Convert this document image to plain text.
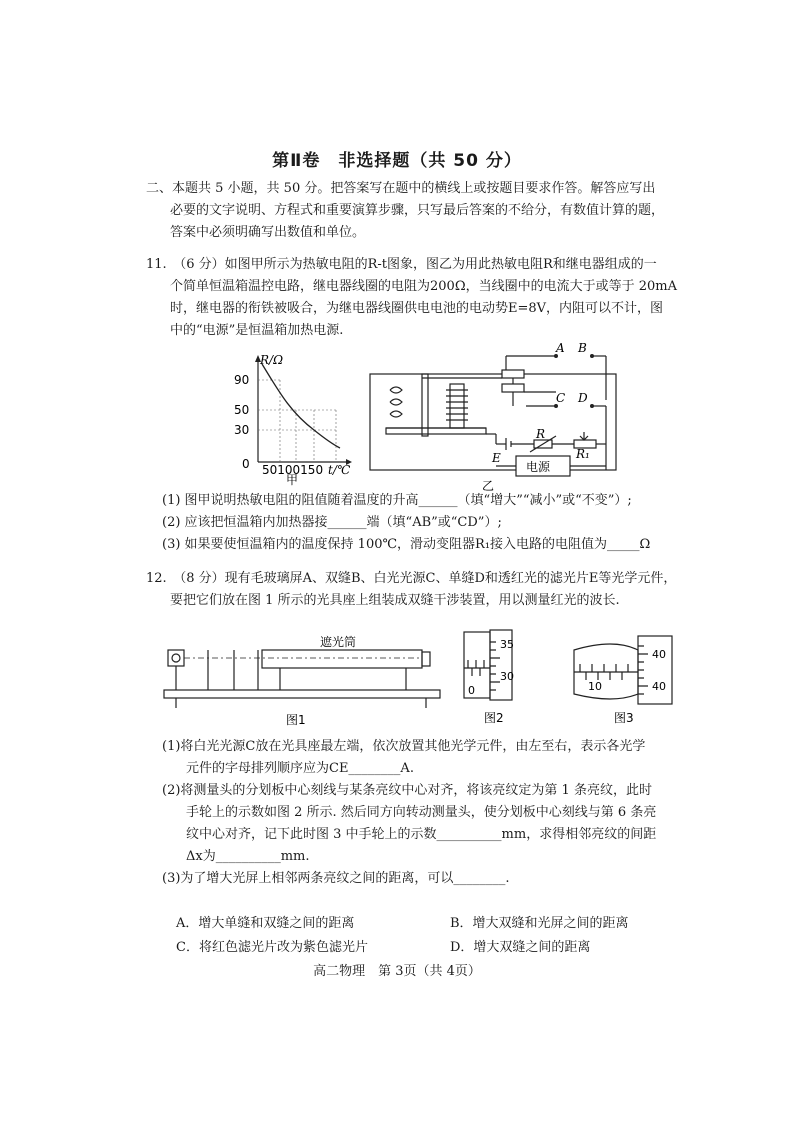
第Ⅱ卷　非选择题（共 50 分）
二、本题共 5 小题，共 50 分。把答案写在题中的横线上或按题目要求作答。解答应写出
必要的文字说明、方程式和重要演算步骤，只写最后答案的不给分，有数值计算的题，
答案中必须明确写出数值和单位。
11.　 （6 分）如图甲所示为热敏电阻的R-t图象，图乙为用此热敏电阻R和继电器组成的一
个简单恒温箱温控电路，继电器线圈的电阻为200Ω，当线圈中的电流大于或等于 20mA
时，继电器的衔铁被吸合，为继电器线圈供电电池的电动势E=8V，内阻可以不计，图
中的“电源”是恒温箱加热电源.
R/Ω
90
50
30
0 50100150 t/℃
甲
A B
C D
E
R
R₁
电源
乙
(1) 图甲说明热敏电阻的阻值随着温度的升高______（填“增大”“减小”或“不变”）;
(2) 应该把恒温箱内加热器接______端（填“AB”或“CD”）;
(3) 如果要使恒温箱内的温度保持 100℃，滑动变阻器R₁接入电路的电阻值为_____Ω
12.　 （8 分）现有毛玻璃屏A、双缝B、白光光源C、单缝D和透红光的滤光片E等光学元件，
要把它们放在图 1 所示的光具座上组装成双缝干涉装置，用以测量红光的波长.
遮光筒
图1
35
30
0
图2
40
40
10
图3
(1)将白光光源C放在光具座最左端，依次放置其他光学元件，由左至右，表示各光学
元件的字母排列顺序应为CE________A.
(2)将测量头的分划板中心刻线与某条亮纹中心对齐，将该亮纹定为第 1 条亮纹，此时
手轮上的示数如图 2 所示. 然后同方向转动测量头，使分划板中心刻线与第 6 条亮
纹中心对齐，记下此时图 3 中手轮上的示数__________mm，求得相邻亮纹的间距
Δx为__________mm.
(3)为了增大光屏上相邻两条亮纹之间的距离，可以________.
A．增大单缝和双缝之间的距离	B．增大双缝和光屏之间的距离
C．将红色滤光片改为紫色滤光片	D．增大双缝之间的距离
高二物理　第 3页（共 4页）
